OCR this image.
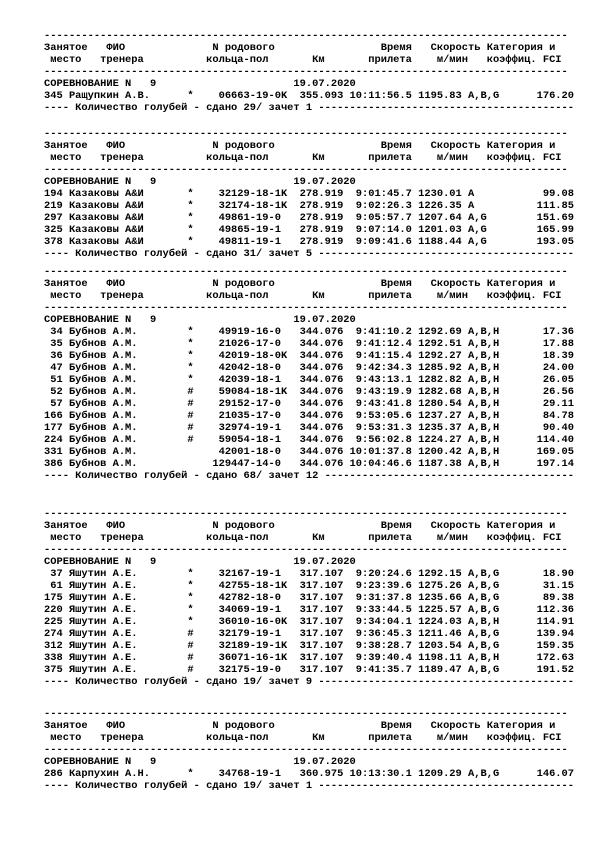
------------------------------------------------------------------------------------
Занятое   ФИО              N родового                 Время   Скорость Категория и
место   тренера          кольца-пол       Км       прилета    м/мин   коэффиц. FCI
------------------------------------------------------------------------------------
СОРЕВНОВАНИЕ N   9                      19.07.2020
345 Ращупкин А.В.      *    06663-19-0K  355.093 10:11:56.5 1195.83 A,B,G      176.20
---- Количество голубей - сдано 29/ зачет 1 -----------------------------------------
------------------------------------------------------------------------------------
Занятое   ФИО              N родового                 Время   Скорость Категория и
место   тренера          кольца-пол       Км       прилета    м/мин   коэффиц. FCI
------------------------------------------------------------------------------------
СОРЕВНОВАНИЕ N   9                      19.07.2020
194 Казаковы А&И       *    32129-18-1K  278.919  9:01:45.7 1230.01 A           99.08
219 Казаковы А&И       *    32174-18-1K  278.919  9:02:26.3 1226.35 A          111.85
297 Казаковы А&И       *    49861-19-0   278.919  9:05:57.7 1207.64 A,G        151.69
325 Казаковы А&И       *    49865-19-1   278.919  9:07:14.0 1201.03 A,G        165.99
378 Казаковы А&И       *    49811-19-1   278.919  9:09:41.6 1188.44 A,G        193.05
---- Количество голубей - сдано 31/ зачет 5 -----------------------------------------
------------------------------------------------------------------------------------
Занятое   ФИО              N родового                 Время   Скорость Категория и
место   тренера          кольца-пол       Км       прилета    м/мин   коэффиц. FCI
------------------------------------------------------------------------------------
СОРЕВНОВАНИЕ N   9                      19.07.2020
34 Бубнов А.М.        *    49919-16-0   344.076  9:41:10.2 1292.69 A,B,H       17.36
35 Бубнов А.М.        *    21026-17-0   344.076  9:41:12.4 1292.51 A,B,H       17.88
36 Бубнов А.М.        *    42019-18-0K  344.076  9:41:15.4 1292.27 A,B,H       18.39
47 Бубнов А.М.        *    42042-18-0   344.076  9:42:34.3 1285.92 A,B,H       24.00
51 Бубнов А.М.        *    42039-18-1   344.076  9:43:13.1 1282.82 A,B,H       26.05
52 Бубнов А.М.        #    59084-18-1K  344.076  9:43:19.9 1282.68 A,B,H       26.56
57 Бубнов А.М.        #    29152-17-0   344.076  9:43:41.8 1280.54 A,B,H       29.11
166 Бубнов А.М.        #    21035-17-0   344.076  9:53:05.6 1237.27 A,B,H       84.78
177 Бубнов А.М.        #    32974-19-1   344.076  9:53:31.3 1235.37 A,B,H       90.40
224 Бубнов А.М.        #    59054-18-1   344.076  9:56:02.8 1224.27 A,B,H      114.40
331 Бубнов А.М.             42001-18-0   344.076 10:01:37.8 1200.42 A,B,H      169.05
386 Бубнов А.М.            129447-14-0   344.076 10:04:46.6 1187.38 A,B,H      197.14
---- Количество голубей - сдано 68/ зачет 12 ----------------------------------------
------------------------------------------------------------------------------------
Занятое   ФИО              N родового                 Время   Скорость Категория и
место   тренера          кольца-пол       Км       прилета    м/мин   коэффиц. FCI
------------------------------------------------------------------------------------
СОРЕВНОВАНИЕ N   9                      19.07.2020
37 Яшутин А.Е.        *    32167-19-1   317.107  9:20:24.6 1292.15 A,B,G       18.90
61 Яшутин А.Е.        *    42755-18-1K  317.107  9:23:39.6 1275.26 A,B,G       31.15
175 Яшутин А.Е.        *    42782-18-0   317.107  9:31:37.8 1235.66 A,B,G       89.38
220 Яшутин А.Е.        *    34069-19-1   317.107  9:33:44.5 1225.57 A,B,G      112.36
225 Яшутин А.Е.        *    36010-16-0K  317.107  9:34:04.1 1224.03 A,B,H      114.91
274 Яшутин А.Е.        #    32179-19-1   317.107  9:36:45.3 1211.46 A,B,G      139.94
312 Яшутин А.Е.        #    32189-19-1K  317.107  9:38:28.7 1203.54 A,B,G      159.35
338 Яшутин А.Е.        #    36071-16-1K  317.107  9:39:40.4 1198.11 A,B,H      172.63
375 Яшутин А.Е.        #    32175-19-0   317.107  9:41:35.7 1189.47 A,B,G      191.52
---- Количество голубей - сдано 19/ зачет 9 -----------------------------------------
------------------------------------------------------------------------------------
Занятое   ФИО              N родового                 Время   Скорость Категория и
место   тренера          кольца-пол       Км       прилета    м/мин   коэффиц. FCI
------------------------------------------------------------------------------------
СОРЕВНОВАНИЕ N   9                      19.07.2020
286 Карпухин А.Н.      *    34768-19-1   360.975 10:13:30.1 1209.29 A,B,G      146.07
---- Количество голубей - сдано 19/ зачет 1 -----------------------------------------
